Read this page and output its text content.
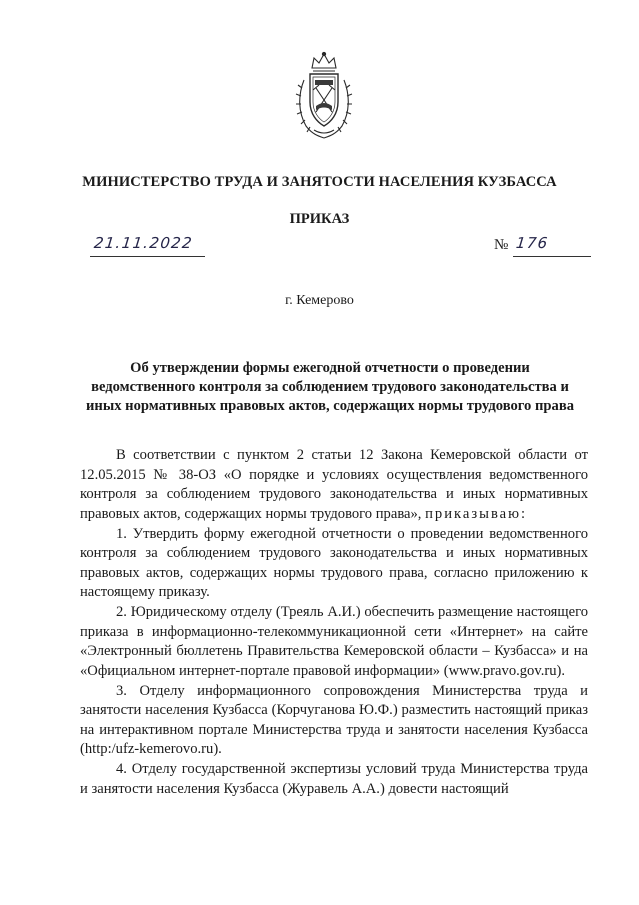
МИНИСТЕРСТВО ТРУДА И ЗАНЯТОСТИ НАСЕЛЕНИЯ КУЗБАССА
ПРИКАЗ
21.11.2022	№ 176
г. Кемерово
Об утверждении формы ежегодной отчетности о проведении
ведомственного контроля за соблюдением трудового законодательства и
иных нормативных правовых актов, содержащих нормы трудового права

В соответствии с пунктом 2 статьи 12 Закона Кемеровской области от 12.05.2015 № 38-ОЗ «О порядке и условиях осуществления ведомственного контроля за соблюдением трудового законодательства и иных нормативных правовых актов, содержащих нормы трудового права», приказываю:

1. Утвердить форму ежегодной отчетности о проведении ведомственного контроля за соблюдением трудового законодательства и иных нормативных правовых актов, содержащих нормы трудового права, согласно приложению к настоящему приказу.

2. Юридическому отделу (Треяль А.И.) обеспечить размещение настоящего приказа в информационно-телекоммуникационной сети «Интернет» на сайте «Электронный бюллетень Правительства Кемеровской области – Кузбасса» и на «Официальном интернет-портале правовой информации» (www.pravo.gov.ru).

3. Отделу информационного сопровождения Министерства труда и занятости населения Кузбасса (Корчуганова Ю.Ф.) разместить настоящий приказ на интерактивном портале Министерства труда и занятости населения Кузбасса (http:/ufz-kemerovo.ru).

4. Отделу государственной экспертизы условий труда Министерства труда и занятости населения Кузбасса (Журавель А.А.) довести настоящий
